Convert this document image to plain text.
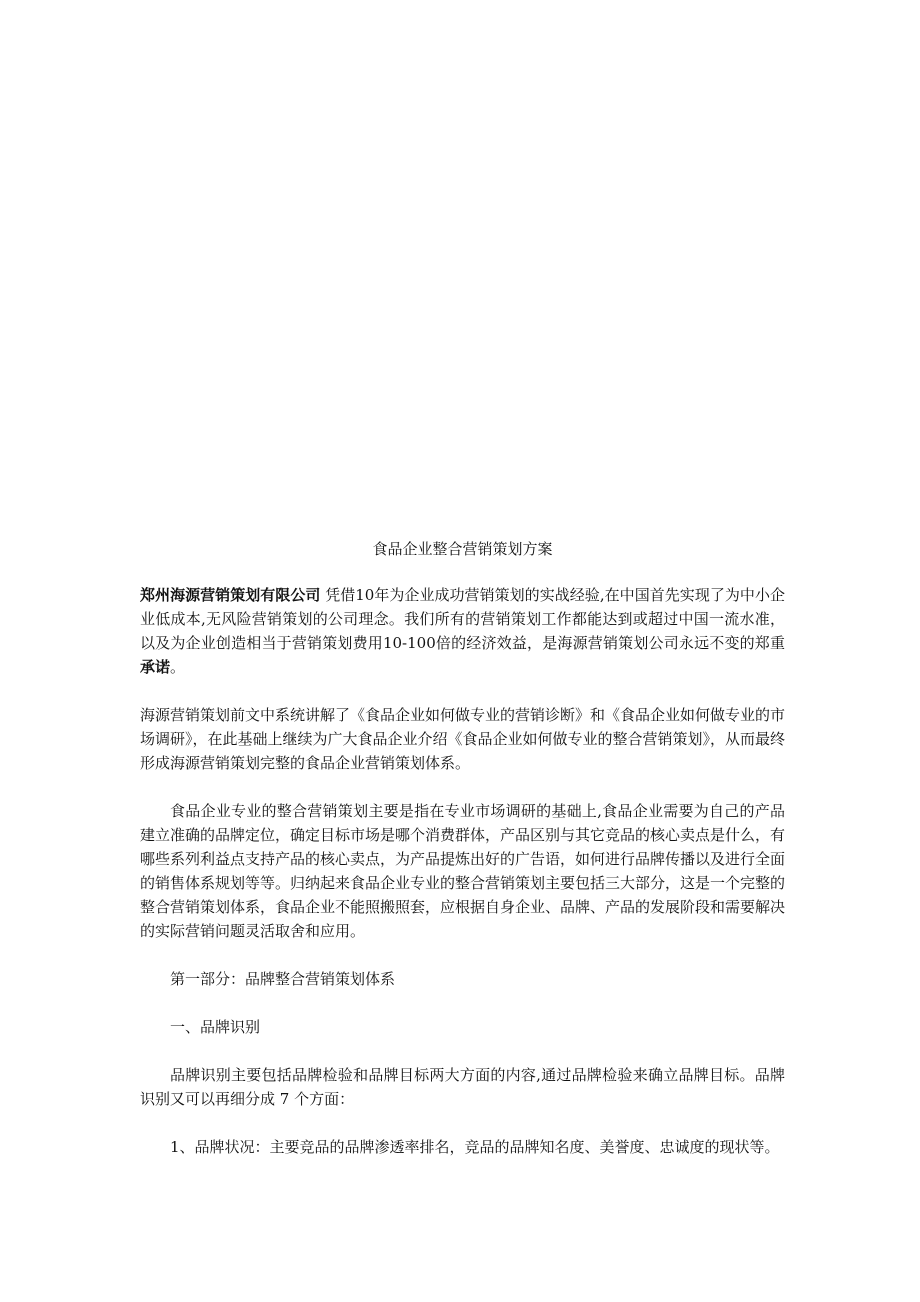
食品企业整合营销策划方案

郑州海源营销策划有限公司 凭借10年为企业成功营销策划的实战经验,在中国首先实现了为中小企业低成本,无风险营销策划的公司理念。我们所有的营销策划工作都能达到或超过中国一流水准，以及为企业创造相当于营销策划费用10-100倍的经济效益，是海源营销策划公司永远不变的郑重承诺。

海源营销策划前文中系统讲解了《食品企业如何做专业的营销诊断》和《食品企业如何做专业的市场调研》，在此基础上继续为广大食品企业介绍《食品企业如何做专业的整合营销策划》，从而最终形成海源营销策划完整的食品企业营销策划体系。

食品企业专业的整合营销策划主要是指在专业市场调研的基础上,食品企业需要为自己的产品建立准确的品牌定位，确定目标市场是哪个消费群体，产品区别与其它竞品的核心卖点是什么，有哪些系列利益点支持产品的核心卖点，为产品提炼出好的广告语，如何进行品牌传播以及进行全面的销售体系规划等等。归纳起来食品企业专业的整合营销策划主要包括三大部分，这是一个完整的整合营销策划体系，食品企业不能照搬照套，应根据自身企业、品牌、产品的发展阶段和需要解决的实际营销问题灵活取舍和应用。

第一部分：品牌整合营销策划体系

一、品牌识别

品牌识别主要包括品牌检验和品牌目标两大方面的内容,通过品牌检验来确立品牌目标。品牌识别又可以再细分成 7 个方面：

1、品牌状况：主要竞品的品牌渗透率排名，竞品的品牌知名度、美誉度、忠诚度的现状等。
